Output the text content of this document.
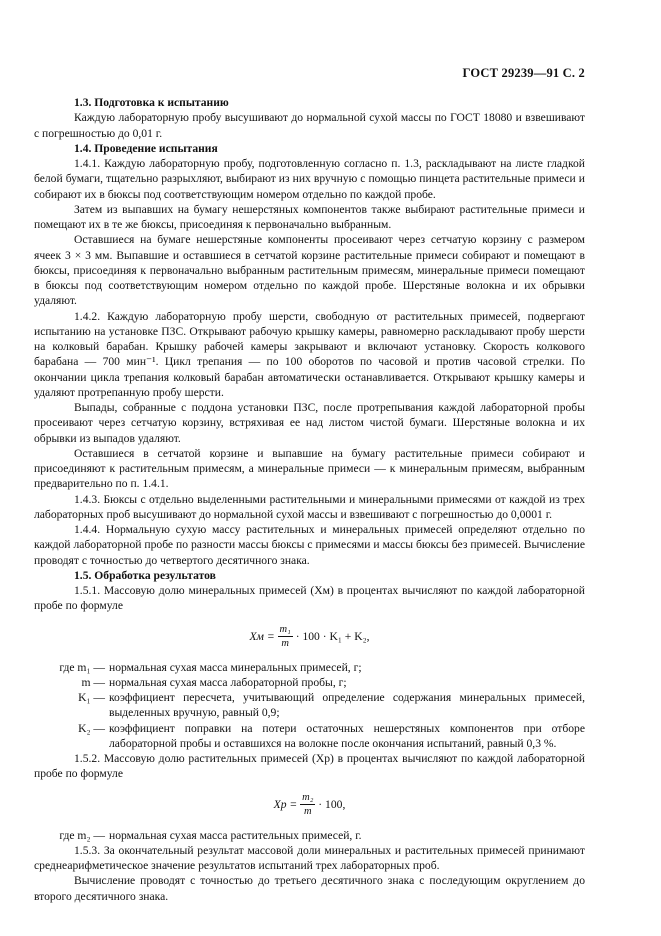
ГОСТ 29239—91 С. 2

1.3. Подготовка к испытанию

Каждую лабораторную пробу высушивают до нормальной сухой массы по ГОСТ 18080 и взвешивают с погрешностью до 0,01 г.

1.4. Проведение испытания

1.4.1. Каждую лабораторную пробу, подготовленную согласно п. 1.3, раскладывают на листе гладкой белой бумаги, тщательно разрыхляют, выбирают из них вручную с помощью пинцета растительные примеси и собирают их в бюксы под соответствующим номером отдельно по каждой пробе.

Затем из выпавших на бумагу нешерстяных компонентов также выбирают растительные примеси и помещают их в те же бюксы, присоединяя к первоначально выбранным.

Оставшиеся на бумаге нешерстяные компоненты просеивают через сетчатую корзину с размером ячеек 3 × 3 мм. Выпавшие и оставшиеся в сетчатой корзине растительные примеси собирают и помещают в бюксы, присоединяя к первоначально выбранным растительным примесям, минеральные примеси помещают в бюксы под соответствующим номером отдельно по каждой пробе. Шерстяные волокна и их обрывки удаляют.

1.4.2. Каждую лабораторную пробу шерсти, свободную от растительных примесей, подвергают испытанию на установке ПЗС. Открывают рабочую крышку камеры, равномерно раскладывают пробу шерсти на колковый барабан. Крышку рабочей камеры закрывают и включают установку. Скорость колкового барабана — 700 мин⁻¹. Цикл трепания — по 100 оборотов по часовой и против часовой стрелки. По окончании цикла трепания колковый барабан автоматически останавливается. Открывают крышку камеры и удаляют протрепанную пробу шерсти.

Выпады, собранные с поддона установки ПЗС, после протрепывания каждой лабораторной пробы просеивают через сетчатую корзину, встряхивая ее над листом чистой бумаги. Шерстяные волокна и их обрывки из выпадов удаляют.

Оставшиеся в сетчатой корзине и выпавшие на бумагу растительные примеси собирают и присоединяют к растительным примесям, а минеральные примеси — к минеральным примесям, выбранным предварительно по п. 1.4.1.

1.4.3. Бюксы с отдельно выделенными растительными и минеральными примесями от каждой из трех лабораторных проб высушивают до нормальной сухой массы и взвешивают с погрешностью до 0,0001 г.

1.4.4. Нормальную сухую массу растительных и минеральных примесей определяют отдельно по каждой лабораторной пробе по разности массы бюксы с примесями и массы бюксы без примесей. Вычисление проводят с точностью до четвертого десятичного знака.

1.5. Обработка результатов

1.5.1. Массовую долю минеральных примесей (Xм) в процентах вычисляют по каждой лабораторной пробе по формуле

Xм = $\frac{\text{m₁}}{m} \cdot 100 \cdot K_1 + K_2$,
где m₁ — нормальная сухая масса минеральных примесей, г;
m — нормальная сухая масса лабораторной пробы, г;
K₁ — коэффициент пересчета, учитывающий определение содержания минеральных примесей, выделенных вручную, равный 0,9;
K₂ — коэффициент поправки на потери остаточных нешерстяных компонентов при отборе лабораторной пробы и оставшихся на волокне после окончания испытаний, равный 0,3 %.

1.5.2. Массовую долю растительных примесей (Xр) в процентах вычисляют по каждой лабораторной пробе по формуле

Xр = $\frac{\text{m₂}}{m} \cdot 100$,
где m₂ — нормальная сухая масса растительных примесей, г.

1.5.3. За окончательный результат массовой доли минеральных и растительных примесей принимают среднеарифметическое значение результатов испытаний трех лабораторных проб.

Вычисление проводят с точностью до третьего десятичного знака с последующим округлением до второго десятичного знака.
